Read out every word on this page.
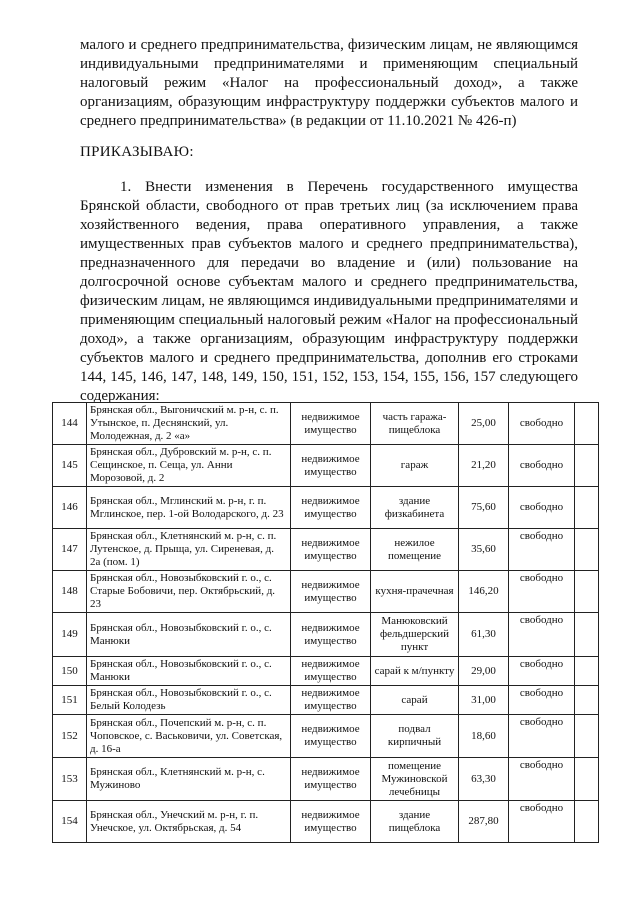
малого и среднего предпринимательства, физическим лицам, не являющимся индивидуальными предпринимателями и применяющим специальный налоговый режим «Налог на профессиональный доход», а также организациям, образующим инфраструктуру поддержки субъектов малого и среднего предпринимательства» (в редакции от 11.10.2021 № 426-п)

ПРИКАЗЫВАЮ:

1. Внести изменения в Перечень государственного имущества Брянской области, свободного от прав третьих лиц (за исключением права хозяйственного ведения, права оперативного управления, а также имущественных прав субъектов малого и среднего предпринимательства), предназначенного для передачи во владение и (или) пользование на долгосрочной основе субъектам малого и среднего предпринимательства, физическим лицам, не являющимся индивидуальными предпринимателями и применяющим специальный налоговый режим «Налог на профессиональный доход», а также организациям, образующим инфраструктуру поддержки субъектов малого и среднего предпринимательства, дополнив его строками 144, 145, 146, 147, 148, 149, 150, 151, 152, 153, 154, 155, 156, 157 следующего содержания:

144	Брянская обл., Выгоничский м. р-н, с. п. Утынское, п. Деснянский, ул. Молодежная, д. 2 «а»	недвижимое имущество	часть гаража-пищеблока	25,00	свободно	
145	Брянская обл., Дубровский м. р-н, с. п. Сещинское, п. Сеща, ул. Анни Морозовой, д. 2	недвижимое имущество	гараж	21,20	свободно	
146	Брянская обл., Мглинский м. р-н, г. п. Мглинское, пер. 1-ой Володарского, д. 23	недвижимое имущество	здание физкабинета	75,60	свободно	
147	Брянская обл., Клетнянский м. р-н, с. п. Лутенское, д. Прыща, ул. Сиреневая, д. 2а (пом. 1)	недвижимое имущество	нежилое помещение	35,60	свободно	
148	Брянская обл., Новозыбковский г. о., с. Старые Бобовичи, пер. Октябрьский, д. 23	недвижимое имущество	кухня-прачечная	146,20	свободно	
149	Брянская обл., Новозыбковский г. о., с. Манюки	недвижимое имущество	Манюковский фельдшерский пункт	61,30	свободно	
150	Брянская обл., Новозыбковский г. о., с. Манюки	недвижимое имущество	сарай к м/пункту	29,00	свободно	
151	Брянская обл., Новозыбковский г. о., с. Белый Колодезь	недвижимое имущество	сарай	31,00	свободно	
152	Брянская обл., Почепский м. р-н, с. п. Чоповское, с. Васьковичи, ул. Советская, д. 16-а	недвижимое имущество	подвал кирпичный	18,60	свободно	
153	Брянская обл., Клетнянский м. р-н, с. Мужиново	недвижимое имущество	помещение Мужиновской лечебницы	63,30	свободно	
154	Брянская обл., Унечский м. р-н, г. п. Унечское, ул. Октябрьская, д. 54	недвижимое имущество	здание пищеблока	287,80	свободно	
